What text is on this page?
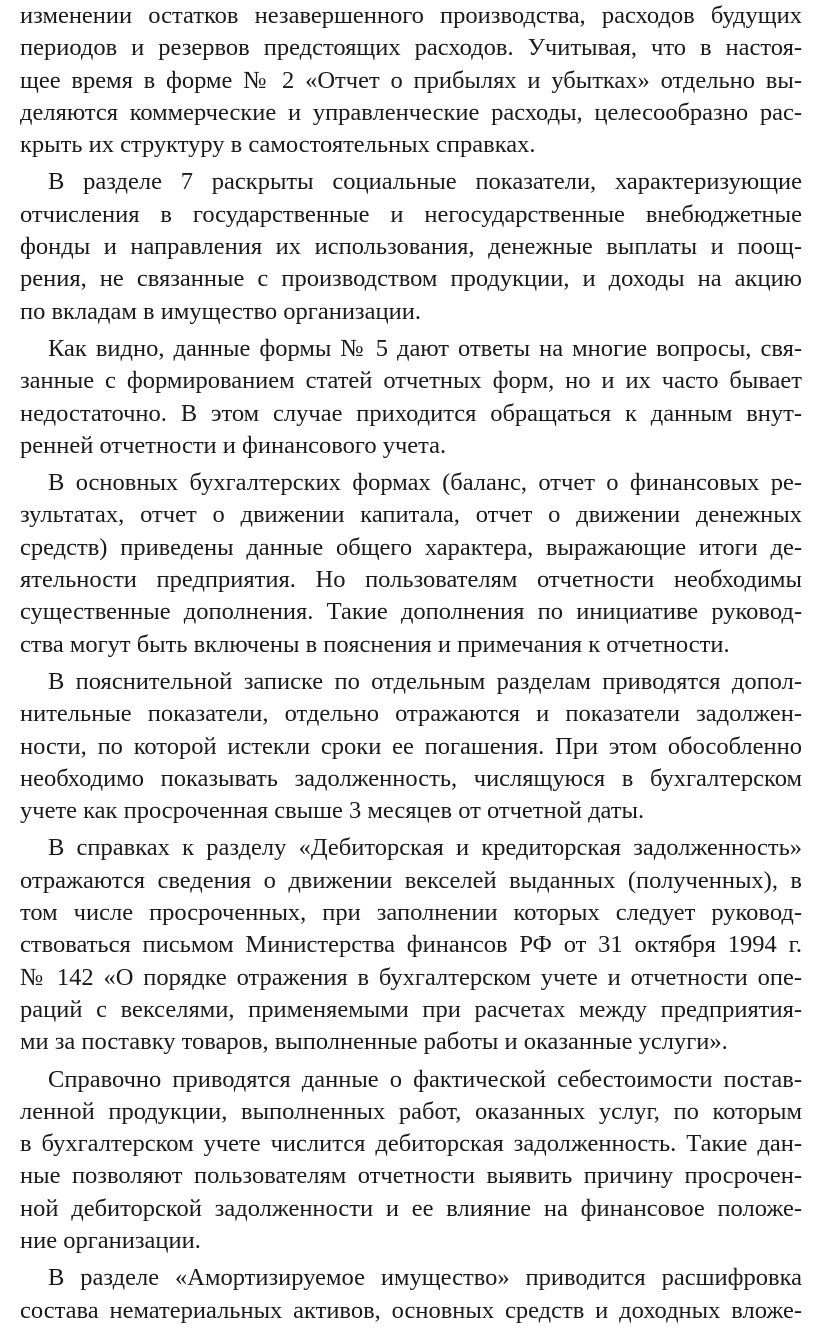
изменении остатков незавершенного производства, расходов будущих
периодов и резервов предстоящих расходов. Учитывая, что в настоя-
щее время в форме № 2 «Отчет о прибылях и убытках» отдельно вы-
деляются коммерческие и управленческие расходы, целесообразно рас-
крыть их структуру в самостоятельных справках.
В разделе 7 раскрыты социальные показатели, характеризующие
отчисления в государственные и негосударственные внебюджетные
фонды и направления их использования, денежные выплаты и поощ-
рения, не связанные с производством продукции, и доходы на акцию
по вкладам в имущество организации.
Как видно, данные формы № 5 дают ответы на многие вопросы, свя-
занные с формированием статей отчетных форм, но и их часто бывает
недостаточно. В этом случае приходится обращаться к данным внут-
ренней отчетности и финансового учета.
В основных бухгалтерских формах (баланс, отчет о финансовых ре-
зультатах, отчет о движении капитала, отчет о движении денежных
средств) приведены данные общего характера, выражающие итоги де-
ятельности предприятия. Но пользователям отчетности необходимы
существенные дополнения. Такие дополнения по инициативе руковод-
ства могут быть включены в пояснения и примечания к отчетности.
В пояснительной записке по отдельным разделам приводятся допол-
нительные показатели, отдельно отражаются и показатели задолжен-
ности, по которой истекли сроки ее погашения. При этом обособленно
необходимо показывать задолженность, числящуюся в бухгалтерском
учете как просроченная свыше 3 месяцев от отчетной даты.
В справках к разделу «Дебиторская и кредиторская задолженность»
отражаются сведения о движении векселей выданных (полученных), в
том числе просроченных, при заполнении которых следует руковод-
ствоваться письмом Министерства финансов РФ от 31 октября 1994 г.
№ 142 «О порядке отражения в бухгалтерском учете и отчетности опе-
раций с векселями, применяемыми при расчетах между предприятия-
ми за поставку товаров, выполненные работы и оказанные услуги».
Справочно приводятся данные о фактической себестоимости постав-
ленной продукции, выполненных работ, оказанных услуг, по которым
в бухгалтерском учете числится дебиторская задолженность. Такие дан-
ные позволяют пользователям отчетности выявить причину просрочен-
ной дебиторской задолженности и ее влияние на финансовое положе-
ние организации.
В разделе «Амортизируемое имущество» приводится расшифровка
состава нематериальных активов, основных средств и доходных вложе-
